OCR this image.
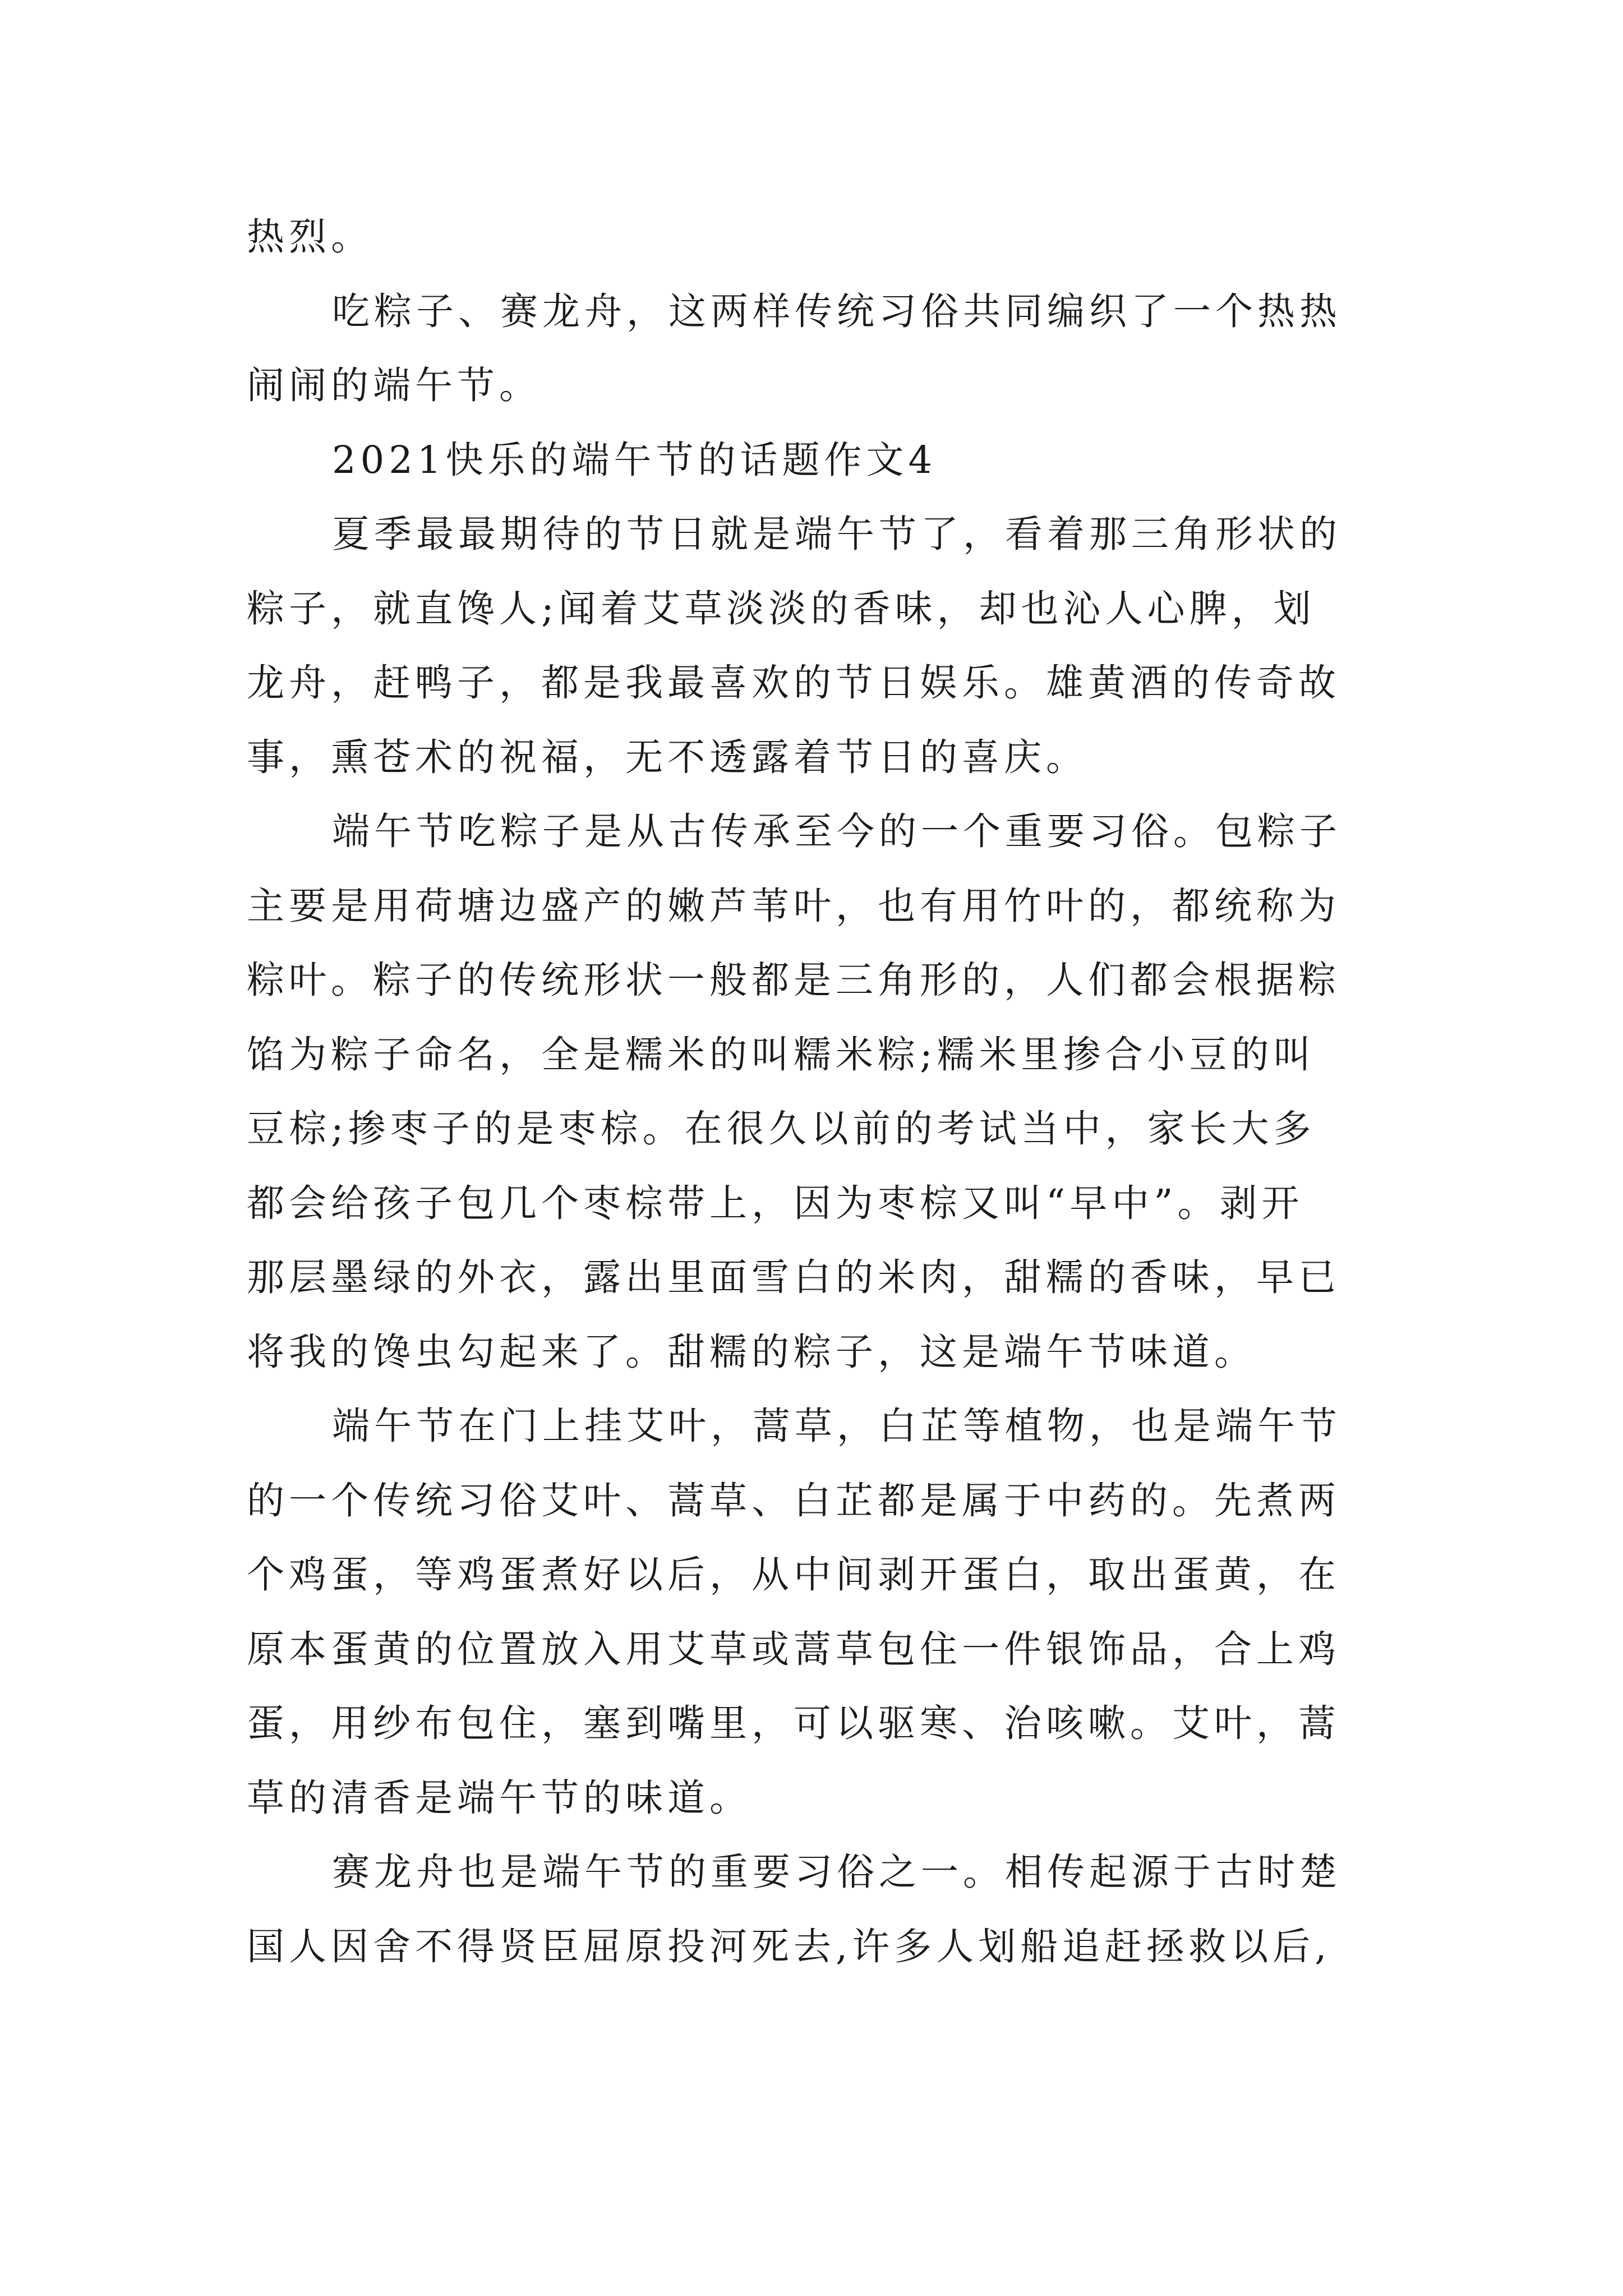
热烈。
吃粽子、赛龙舟，这两样传统习俗共同编织了一个热热
闹闹的端午节。
2021快乐的端午节的话题作文4
夏季最最期待的节日就是端午节了，看着那三角形状的
粽子，就直馋人;闻着艾草淡淡的香味，却也沁人心脾，划
龙舟，赶鸭子，都是我最喜欢的节日娱乐。雄黄酒的传奇故
事，熏苍术的祝福，无不透露着节日的喜庆。
端午节吃粽子是从古传承至今的一个重要习俗。包粽子
主要是用荷塘边盛产的嫩芦苇叶，也有用竹叶的，都统称为
粽叶。粽子的传统形状一般都是三角形的，人们都会根据粽
馅为粽子命名，全是糯米的叫糯米粽;糯米里掺合小豆的叫
豆棕;掺枣子的是枣棕。在很久以前的考试当中，家长大多
都会给孩子包几个枣棕带上，因为枣棕又叫“早中”。剥开
那层墨绿的外衣，露出里面雪白的米肉，甜糯的香味，早已
将我的馋虫勾起来了。甜糯的粽子，这是端午节味道。
端午节在门上挂艾叶，蒿草，白芷等植物，也是端午节
的一个传统习俗艾叶、蒿草、白芷都是属于中药的。先煮两
个鸡蛋，等鸡蛋煮好以后，从中间剥开蛋白，取出蛋黄，在
原本蛋黄的位置放入用艾草或蒿草包住一件银饰品，合上鸡
蛋，用纱布包住，塞到嘴里，可以驱寒、治咳嗽。艾叶，蒿
草的清香是端午节的味道。
赛龙舟也是端午节的重要习俗之一。相传起源于古时楚
国人因舍不得贤臣屈原投河死去,许多人划船追赶拯救以后,
